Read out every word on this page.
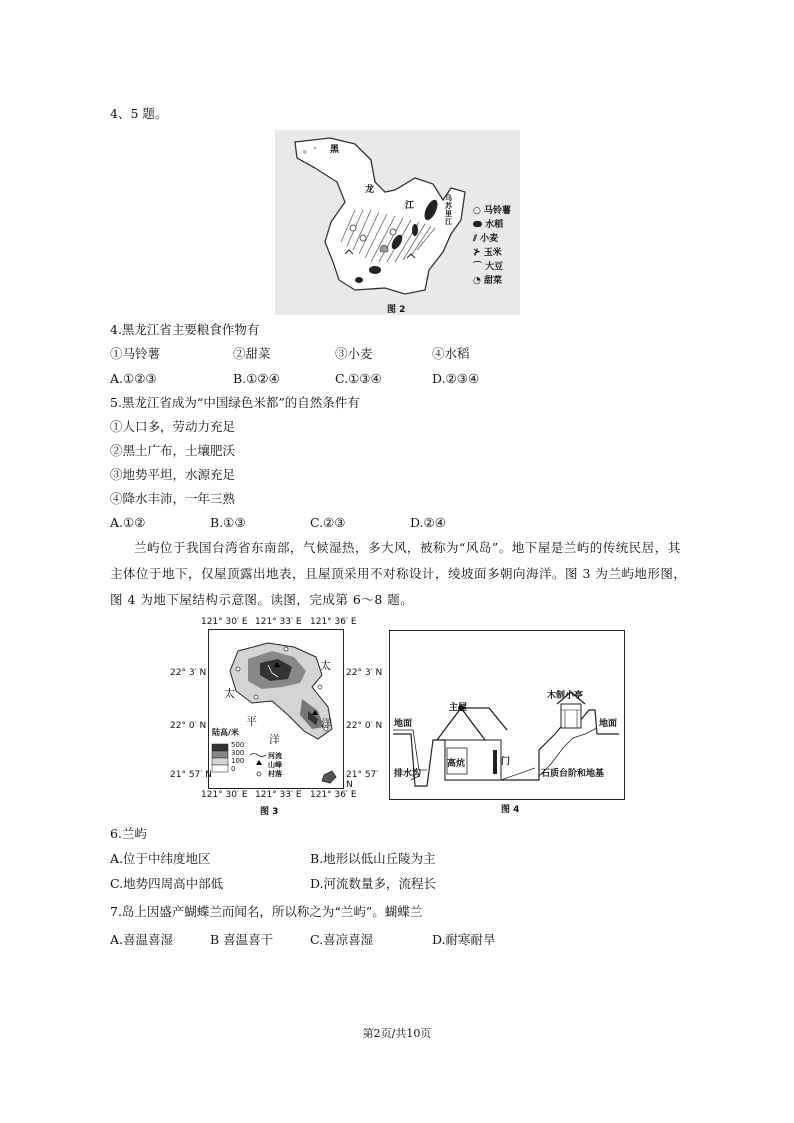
4、5 题。
黑
龙
江
乌苏里江
○ 马铃薯
水稻
⫽ 小麦
⊁ 玉米
⌒ 大豆
◔ 甜菜
图 2
4.黑龙江省主要粮食作物有
①马铃薯	②甜菜	③小麦	④水稻
A.①②③	B.①②④	C.①③④	D.②③④
5.黑龙江省成为“中国绿色米都”的自然条件有
①人口多，劳动力充足
②黑土广布，土壤肥沃
③地势平坦，水源充足
④降水丰沛，一年三熟
A.①②	B.①③	C.②③	D.②④
兰屿位于我国台湾省东南部，气候湿热，多大风，被称为“风岛”。地下屋是兰屿的传统民居，其主体位于地下，仅屋顶露出地表，且屋顶采用不对称设计，绫坡面多朝向海洋。图 3 为兰屿地形图，图 4 为地下屋结构示意图。读图，完成第 6～8 题。
121° 30′ E 121° 33′ E 121° 36′ E
陆高/米
500
300
100
0
河流
山峰
村落
太
平
太
洋
洋
22° 3′ N
22° 0′ N
21° 57′ N
22° 3′ N
22° 0′ N
21° 57′ N
121° 30′ E 121° 33′ E 121° 36′ E
图 3
主屋
木制小亭
地面	地面
高炕	门
排水沟	石质台阶和地基
图 4
6.兰屿
A.位于中纬度地区	B.地形以低山丘陵为主
C.地势四周高中部低	D.河流数量多，流程长
7.岛上因盛产蝴蝶兰而闻名，所以称之为“兰屿”。蝴蝶兰
A.喜温喜湿	B 喜温喜干	C.喜凉喜湿	D.耐寒耐旱
第2页/共10页
